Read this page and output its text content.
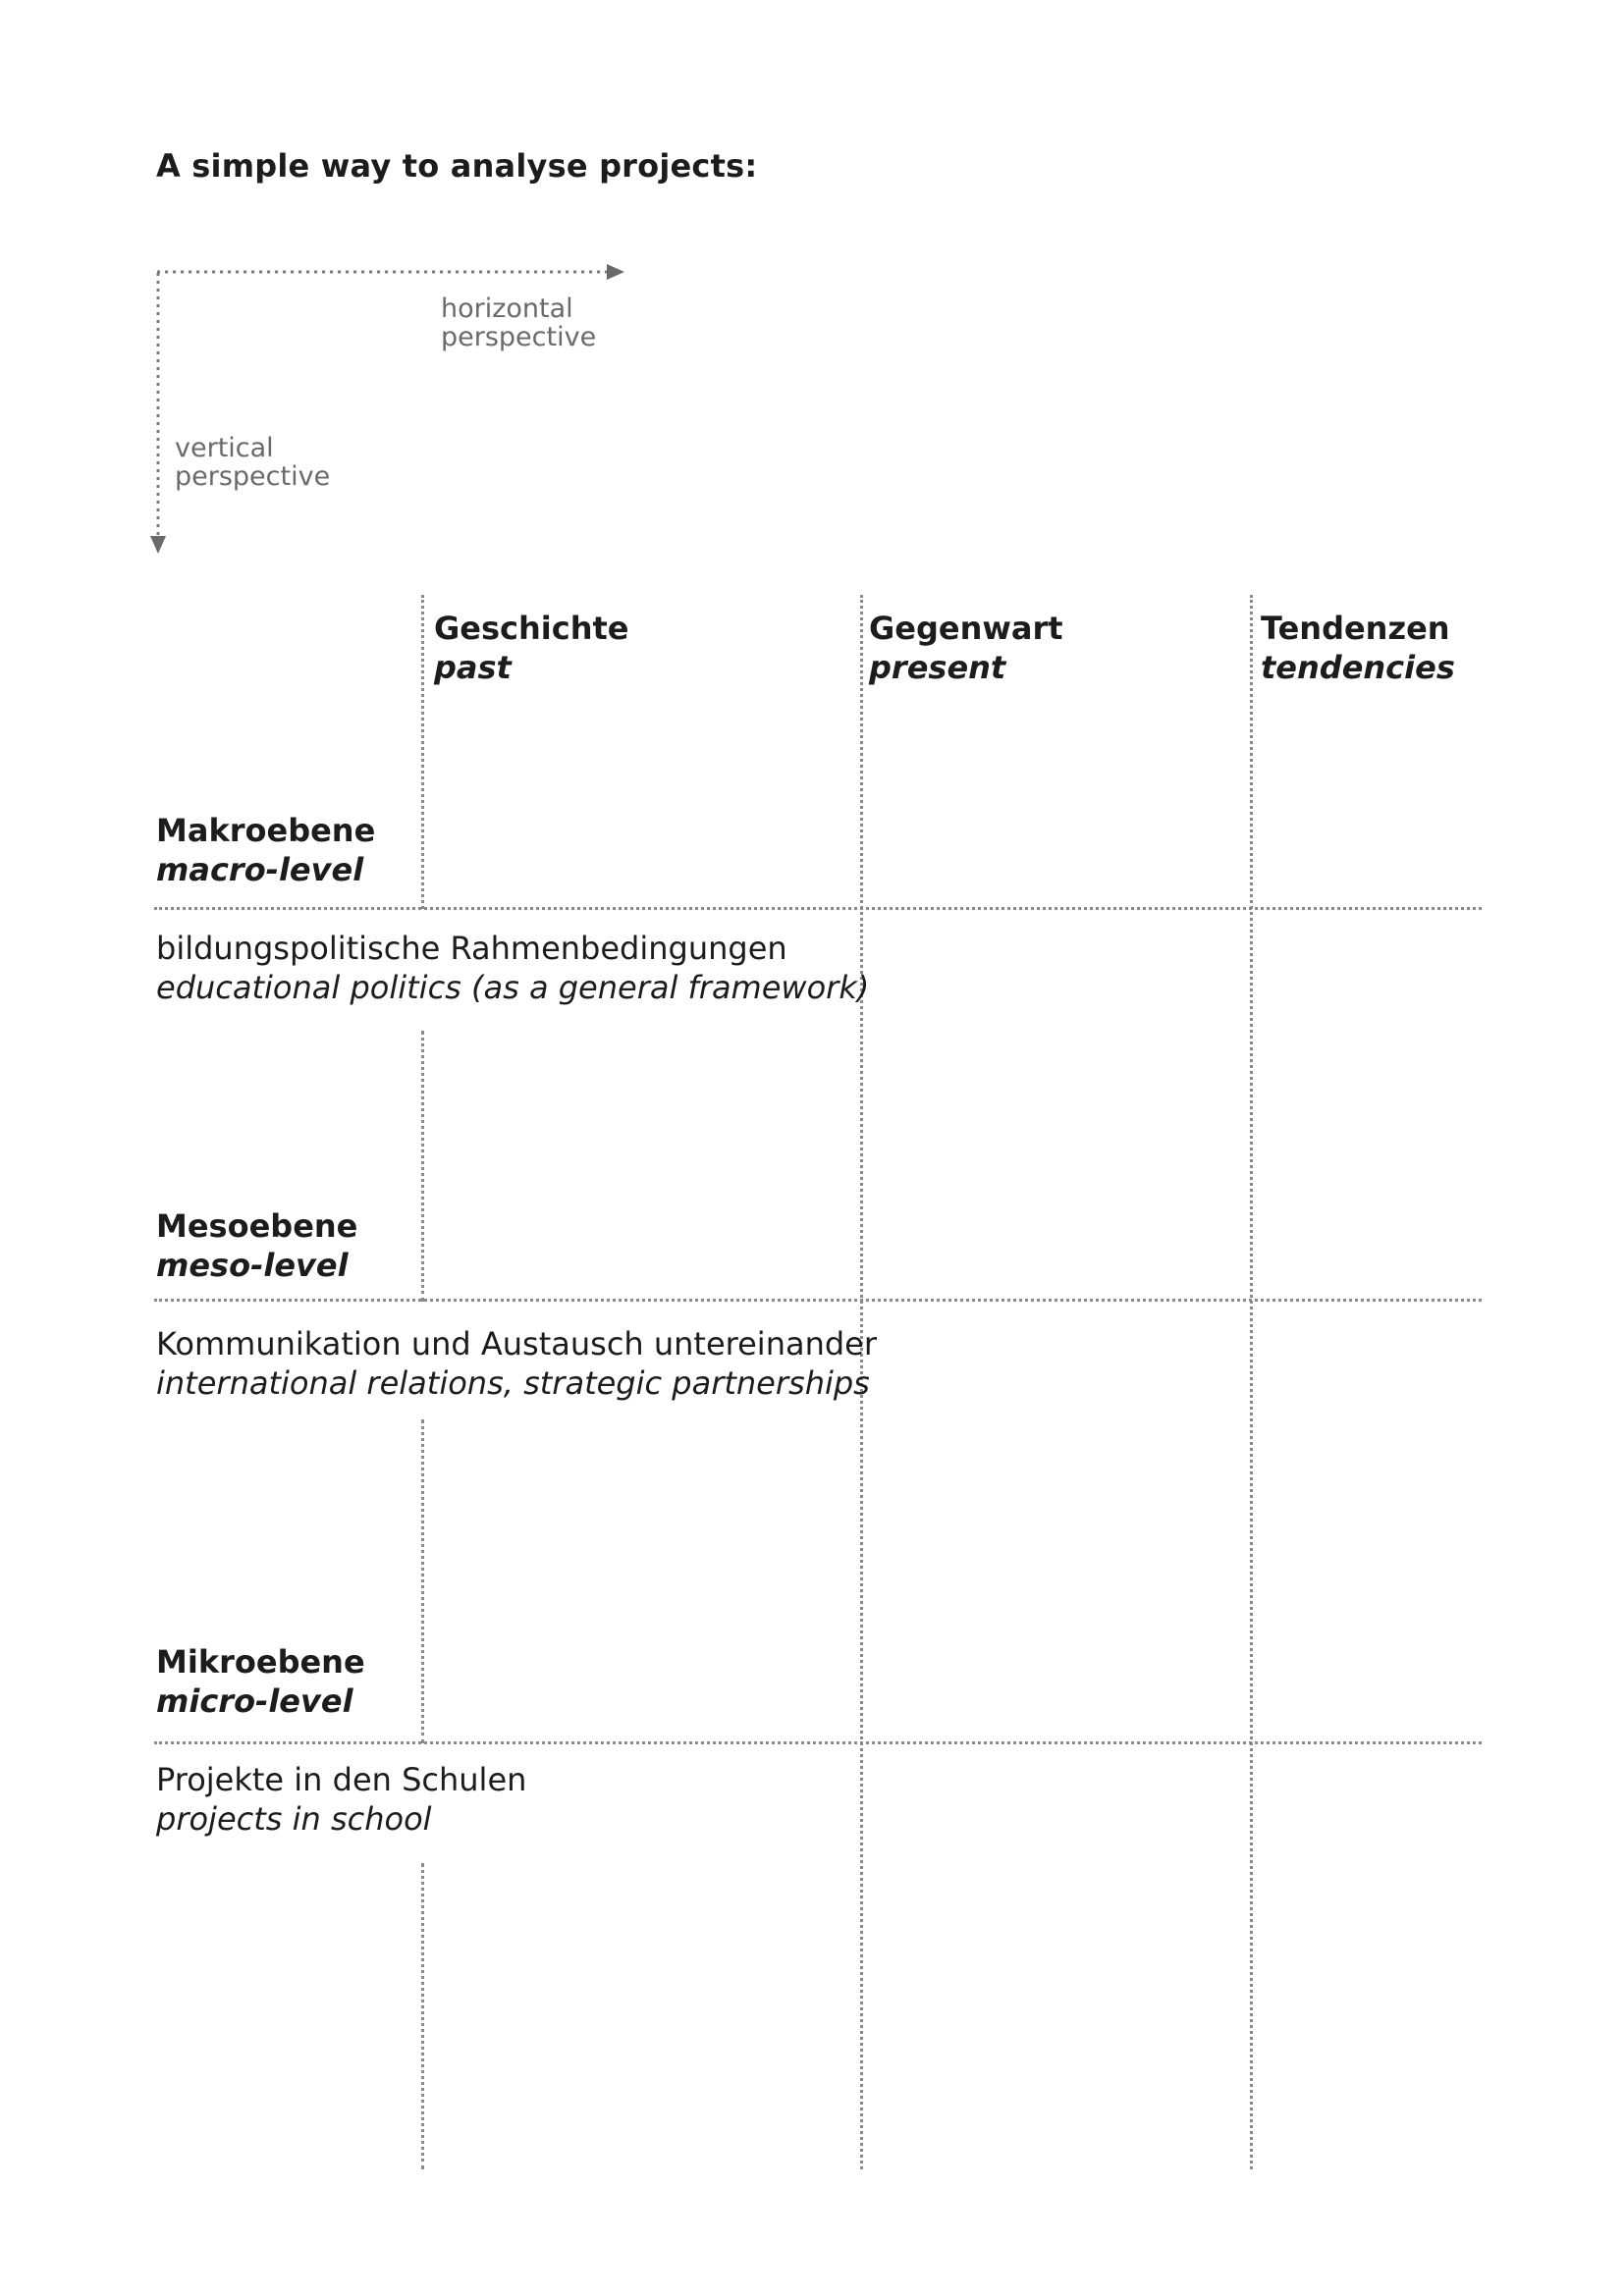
A simple way to analyse projects:
horizontal
perspective
vertical
perspective
Geschichte
past
Gegenwart
present
Tendenzen
tendencies
Makroebene
macro-level
bildungspolitische Rahmenbedingungen
educational politics (as a general framework)
Mesoebene
meso-level
Kommunikation und Austausch untereinander
international relations, strategic partnerships
Mikroebene
micro-level
Projekte in den Schulen
projects in school
